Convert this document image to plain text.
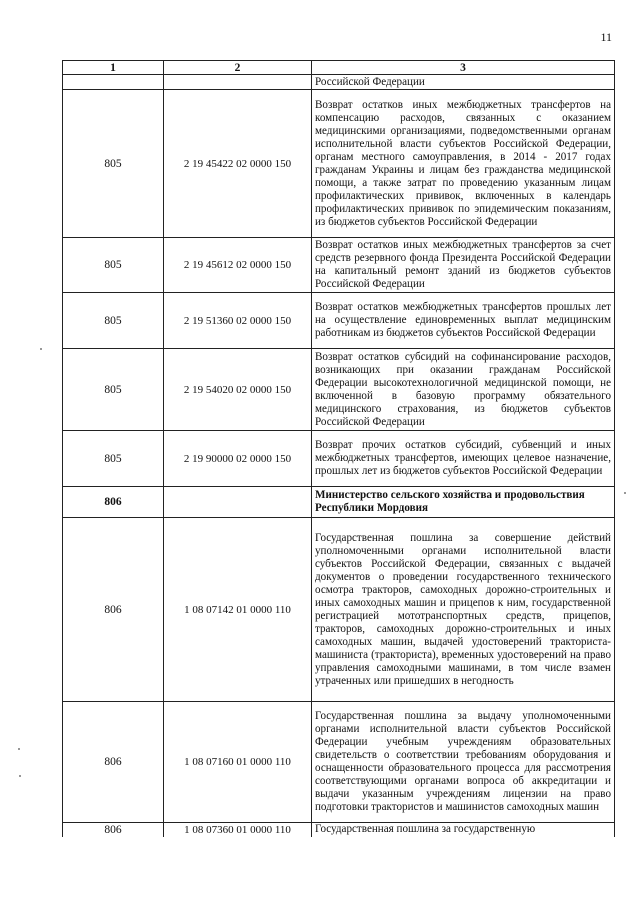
11
1	2	3
		Российской Федерации
805	2 19 45422 02 0000 150	Возврат остатков иных межбюджетных трансфертов на компенсацию расходов, связанных с оказанием медицинскими организациями, подведомственными органам исполнительной власти субъектов Российской Федерации, органам местного самоуправления, в 2014 - 2017 годах гражданам Украины и лицам без гражданства медицинской помощи, а также затрат по проведению указанным лицам профилактических прививок, включенных в календарь профилактических прививок по эпидемическим показаниям, из бюджетов субъектов Российской Федерации
805	2 19 45612 02 0000 150	Возврат остатков иных межбюджетных трансфертов за счет средств резервного фонда Президента Российской Федерации на капитальный ремонт зданий из бюджетов субъектов Российской Федерации
805	2 19 51360 02 0000 150	Возврат остатков межбюджетных трансфертов прошлых лет на осуществление единовременных выплат медицинским работникам из бюджетов субъектов Российской Федерации
805	2 19 54020 02 0000 150	Возврат остатков субсидий на софинансирование расходов, возникающих при оказании гражданам Российской Федерации высокотехнологичной медицинской помощи, не включенной в базовую программу обязательного медицинского страхования, из бюджетов субъектов Российской Федерации
805	2 19 90000 02 0000 150	Возврат прочих остатков субсидий, субвенций и иных межбюджетных трансфертов, имеющих целевое назначение, прошлых лет из бюджетов субъектов Российской Федерации
806		Министерство сельского хозяйства и продовольствия Республики Мордовия
806	1 08 07142 01 0000 110	Государственная пошлина за совершение действий уполномоченными органами исполнительной власти субъектов Российской Федерации, связанных с выдачей документов о проведении государственного технического осмотра тракторов, самоходных дорожно-строительных и иных самоходных машин и прицепов к ним, государственной регистрацией мототранспортных средств, прицепов, тракторов, самоходных дорожно-строительных и иных самоходных машин, выдачей удостоверений тракториста-машиниста (тракториста), временных удостоверений на право управления самоходными машинами, в том числе взамен утраченных или пришедших в негодность
806	1 08 07160 01 0000 110	Государственная пошлина за выдачу уполномоченными органами исполнительной власти субъектов Российской Федерации учебным учреждениям образовательных свидетельств о соответствии требованиям оборудования и оснащенности образовательного процесса для рассмотрения соответствующими органами вопроса об аккредитации и выдачи указанным учреждениям лицензии на право подготовки трактористов и машинистов самоходных машин
806	1 08 07360 01 0000 110	Государственная пошлина за государственную
